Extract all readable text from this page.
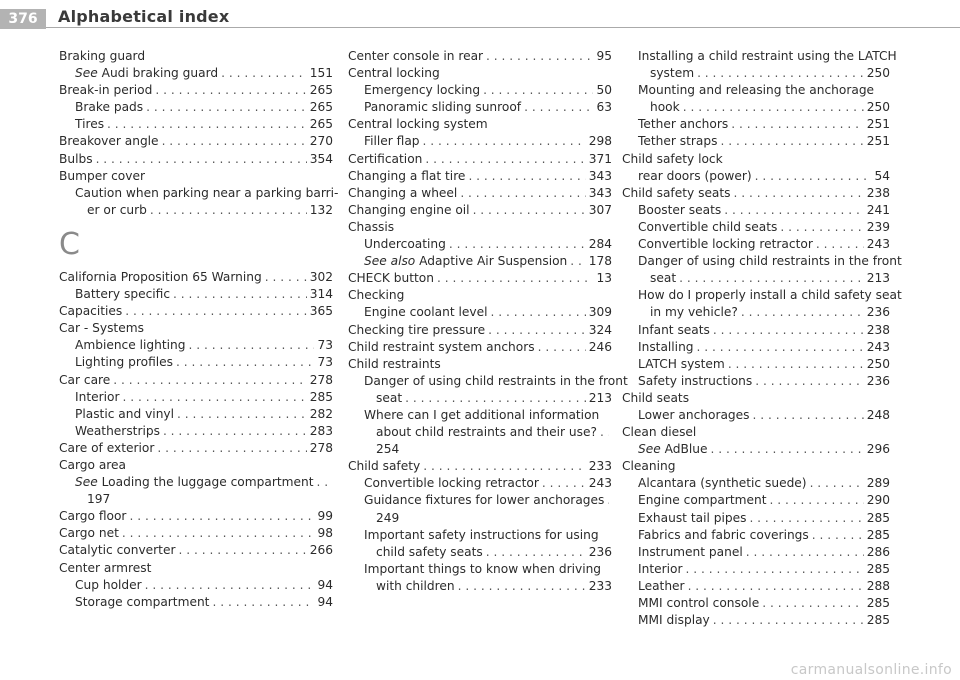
376	Alphabetical index
Braking guard
See Audi braking guard . . .	151
Break-in period . . .	265
Brake pads . . .	265
Tires . . .	265
Breakover angle . . .	270
Bulbs . . .	354
Bumper cover
Caution when parking near a parking barri-
er or curb . . .	132
C
California Proposition 65 Warning . . .	302
Battery specific . . .	314
Capacities . . .	365
Car - Systems
Ambience lighting . . .	73
Lighting profiles . . .	73
Car care . . .	278
Interior . . .	285
Plastic and vinyl . . .	282
Weatherstrips . . .	283
Care of exterior . . .	278
Cargo area
See Loading the luggage compartment
. . .
197
Cargo floor . . .	99
Cargo net . . .	98
Catalytic converter . . .	266
Center armrest
Cup holder . . .	94
Storage compartment . . .	94
Center console in rear . . .	95
Central locking
Emergency locking . . .	50
Panoramic sliding sunroof . . .	63
Central locking system
Filler flap . . .	298
Certification . . .	371
Changing a flat tire . . .	343
Changing a wheel . . .	343
Changing engine oil . . .	307
Chassis
Undercoating . . .	284
See also Adaptive Air Suspension . . . 178
CHECK button . . .	13
Checking
Engine coolant level . . .	309
Checking tire pressure . . .	324
Child restraint system anchors . . .	246
Child restraints
Danger of using child restraints in the front
seat . . .	213
Where can I get additional information
about child restraints and their use?
. . .
254
Child safety . . .	233
Convertible locking retractor . . .	243
Guidance fixtures for lower anchorages
. . .
249
Important safety instructions for using
child safety seats . . .	236
Important things to know when driving
with children . . .	233
Installing a child restraint using the LATCH
system . . .	250
Mounting and releasing the anchorage
hook . . .	250
Tether anchors . . .	251
Tether straps . . .	251
Child safety lock
rear doors (power) . . .	54
Child safety seats . . .	238
Booster seats . . .	241
Convertible child seats . . .	239
Convertible locking retractor . . .	243
Danger of using child restraints in the front
seat . . .	213
How do I properly install a child safety seat
in my vehicle? . . .	236
Infant seats . . .	238
Installing . . .	243
LATCH system . . .	250
Safety instructions . . .	236
Child seats
Lower anchorages . . .	248
Clean diesel
See AdBlue . . .	296
Cleaning
Alcantara (synthetic suede) . . .	289
Engine compartment . . .	290
Exhaust tail pipes . . .	285
Fabrics and fabric coverings . . .	285
Instrument panel . . .	286
Interior . . .	285
Leather . . .	288
MMI control console . . .	285
MMI display . . .	285
carmanualsonline.info
